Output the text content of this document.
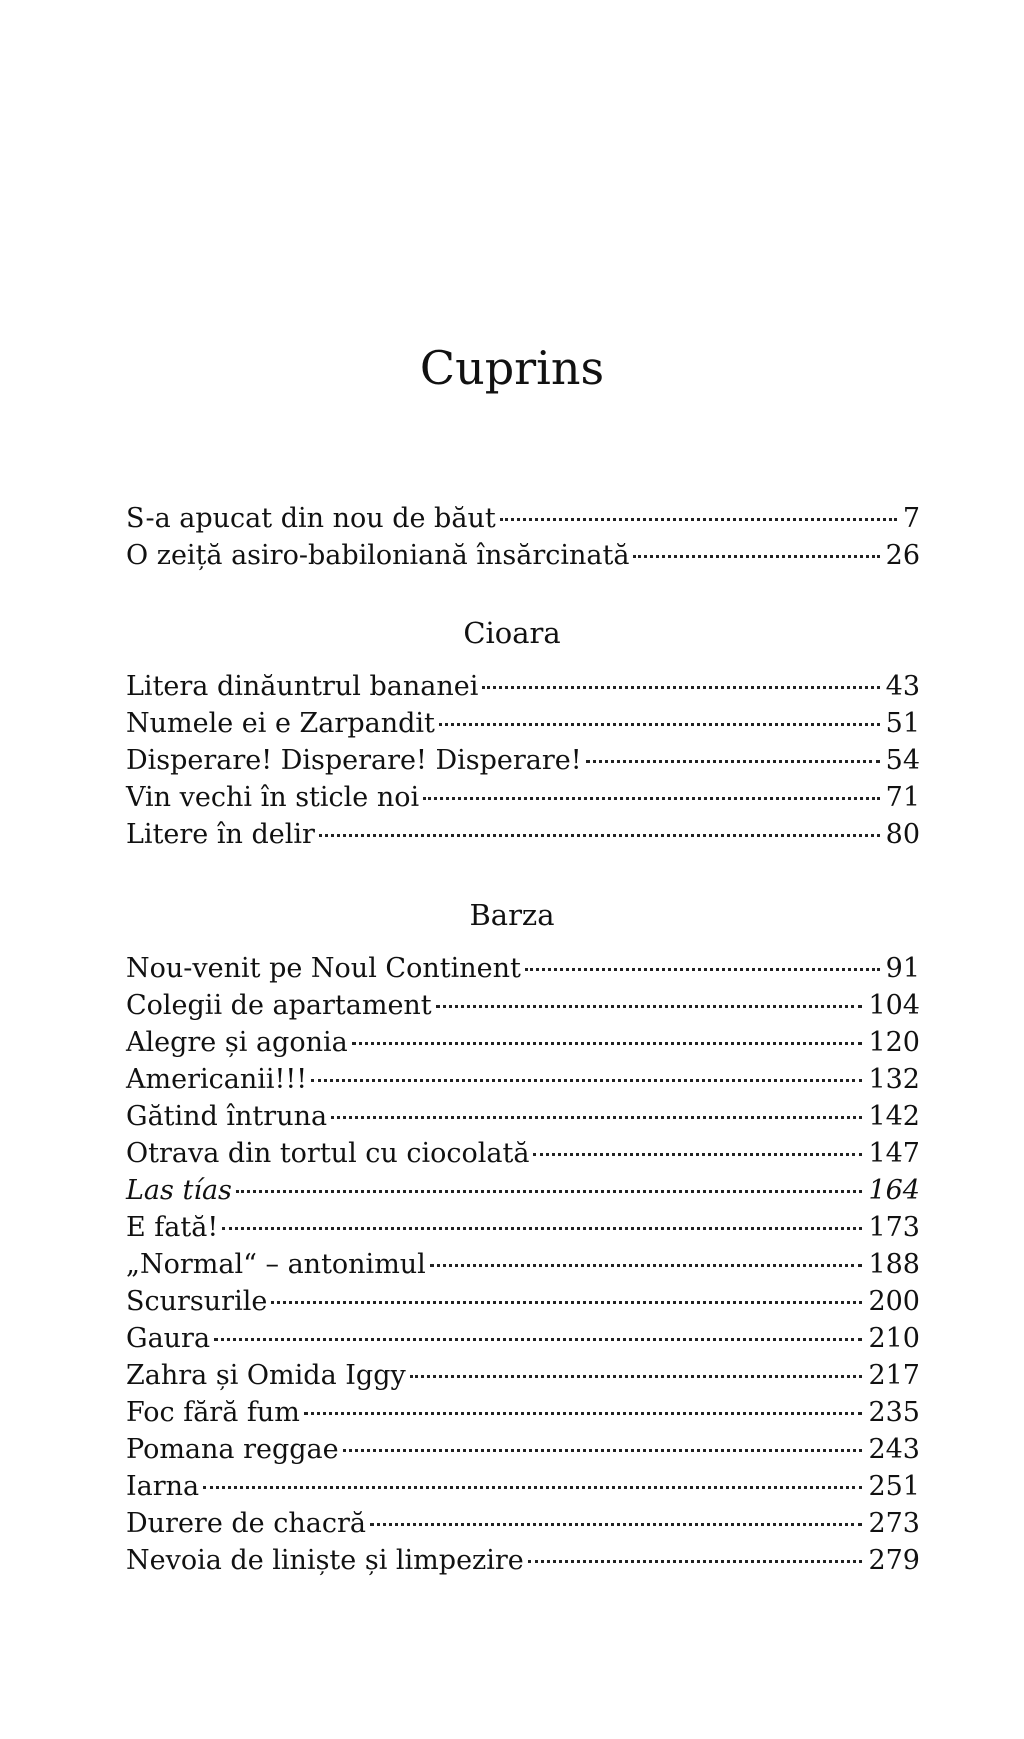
Cuprins
S-a apucat din nou de băut	7
O zeiță asiro-babiloniană însărcinată	26
Cioara
Litera dinăuntrul bananei	43
Numele ei e Zarpandit	51
Disperare! Disperare! Disperare!	54
Vin vechi în sticle noi	71
Litere în delir	80
Barza
Nou-venit pe Noul Continent	91
Colegii de apartament	104
Alegre și agonia	120
Americanii!!!	132
Gătind întruna	142
Otrava din tortul cu ciocolată	147
Las tías	164
E fată!	173
„Normal“ – antonimul	188
Scursurile	200
Gaura	210
Zahra și Omida Iggy	217
Foc fără fum	235
Pomana reggae	243
Iarna	251
Durere de chacră	273
Nevoia de liniște și limpezire	279
